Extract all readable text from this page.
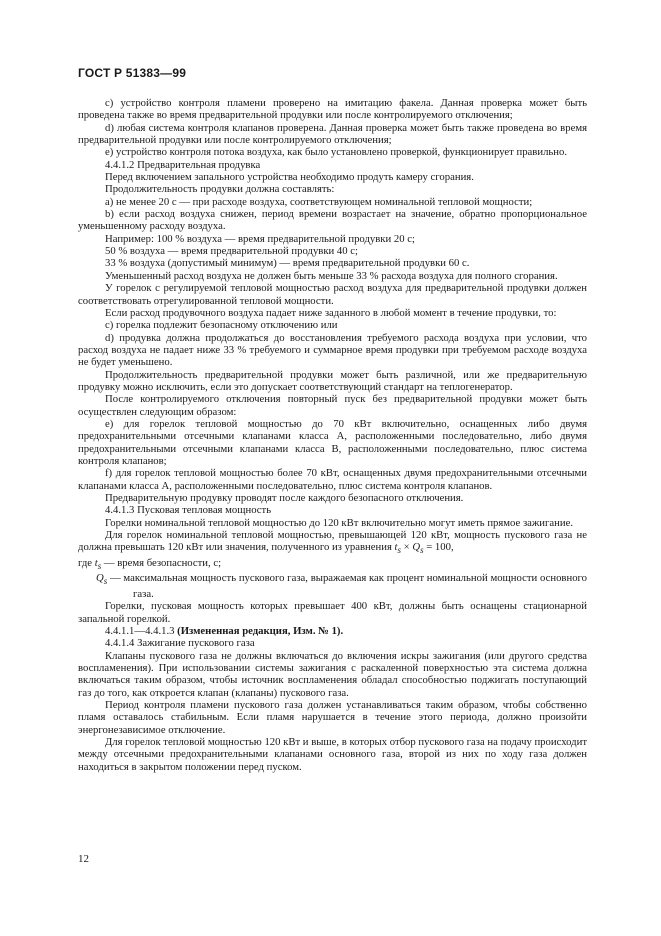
ГОСТ Р 51383—99

c) устройство контроля пламени проверено на имитацию факела. Данная проверка может быть проведена также во время предварительной продувки или после контролируемого отключения;

d) любая система контроля клапанов проверена. Данная проверка может быть также проведена во время предварительной продувки или после контролируемого отключения;

e) устройство контроля потока воздуха, как было установлено проверкой, функционирует правильно.

4.4.1.2 Предварительная продувка

Перед включением запального устройства необходимо продуть камеру сгорания.

Продолжительность продувки должна составлять:

a) не менее 20 с — при расходе воздуха, соответствующем номинальной тепловой мощности;

b) если расход воздуха снижен, период времени возрастает на значение, обратно пропорциональное уменьшенному расходу воздуха.

Например: 100 % воздуха — время предварительной продувки 20 с;

50 % воздуха — время предварительной продувки 40 с;

33 % воздуха (допустимый минимум) — время предварительной продувки 60 с.

Уменьшенный расход воздуха не должен быть меньше 33 % расхода воздуха для полного сгорания.

У горелок с регулируемой тепловой мощностью расход воздуха для предварительной продувки должен соответствовать отрегулированной тепловой мощности.

Если расход продувочного воздуха падает ниже заданного в любой момент в течение продувки, то:

c) горелка подлежит безопасному отключению или

d) продувка должна продолжаться до восстановления требуемого расхода воздуха при условии, что расход воздуха не падает ниже 33 % требуемого и суммарное время продувки при требуемом расходе воздуха не будет уменьшено.

Продолжительность предварительной продувки может быть различной, или же предварительную продувку можно исключить, если это допускает соответствующий стандарт на теплогенератор.

После контролируемого отключения повторный пуск без предварительной продувки может быть осуществлен следующим образом:

e) для горелок тепловой мощностью до 70 кВт включительно, оснащенных либо двумя предохранительными отсечными клапанами класса А, расположенными последовательно, либо двумя предохранительными отсечными клапанами класса В, расположенными последовательно, плюс система контроля клапанов;

f) для горелок тепловой мощностью более 70 кВт, оснащенных двумя предохранительными отсечными клапанами класса А, расположенными последовательно, плюс система контроля клапанов.

Предварительную продувку проводят после каждого безопасного отключения.

4.4.1.3 Пусковая тепловая мощность

Горелки номинальной тепловой мощностью до 120 кВт включительно могут иметь прямое зажигание.

Для горелок номинальной тепловой мощностью, превышающей 120 кВт, мощность пускового газа не должна превышать 120 кВт или значения, полученного из уравнения $t_s \times Q_s = 100$,

где $t_s$ — время безопасности, с;

$Q_s$ — максимальная мощность пускового газа, выражаемая как процент номинальной мощности основного газа.

Горелки, пусковая мощность которых превышает 400 кВт, должны быть оснащены стационарной запальной горелкой.

4.4.1.1—4.4.1.3 (Измененная редакция, Изм. № 1).

4.4.1.4 Зажигание пускового газа

Клапаны пускового газа не должны включаться до включения искры зажигания (или другого средства воспламенения). При использовании системы зажигания с раскаленной поверхностью эта система должна включаться таким образом, чтобы источник воспламенения обладал способностью поджигать поступающий газ до того, как откроется клапан (клапаны) пускового газа.

Период контроля пламени пускового газа должен устанавливаться таким образом, чтобы собственно пламя оставалось стабильным. Если пламя нарушается в течение этого периода, должно произойти энергонезависимое отключение.

Для горелок тепловой мощностью 120 кВт и выше, в которых отбор пускового газа на подачу происходит между отсечными предохранительными клапанами основного газа, второй из них по ходу газа должен находиться в закрытом положении перед пуском.

12
